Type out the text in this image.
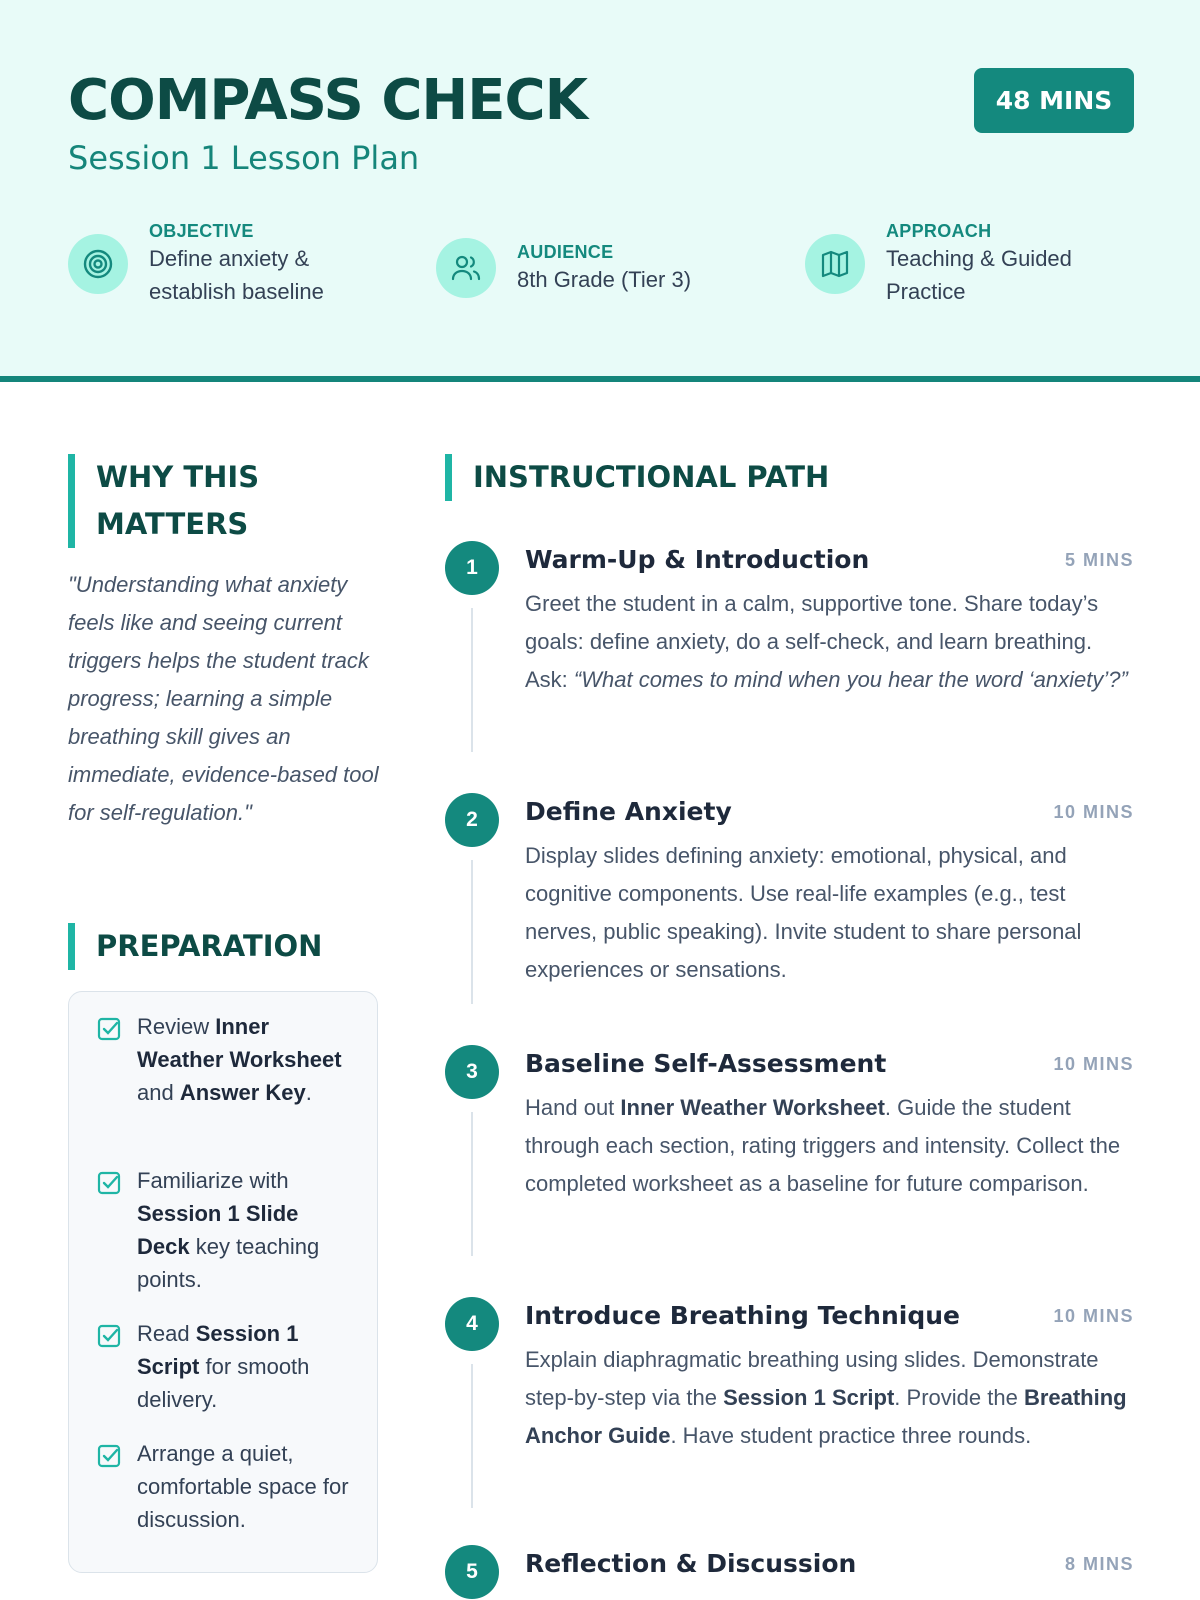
COMPASS CHECK
Session 1 Lesson Plan
48 MINS
OBJECTIVE
Define anxiety &
establish baseline
AUDIENCE
8th Grade (Tier 3)
APPROACH
Teaching & Guided
Practice
WHY THIS
MATTERS
"Understanding what anxiety feels like and seeing current triggers helps the student track progress; learning a simple breathing skill gives an immediate, evidence-based tool for self-regulation."
PREPARATION
Review Inner Weather Worksheet and Answer Key.
Familiarize with Session 1 Slide Deck key teaching points.
Read Session 1 Script for smooth delivery.
Arrange a quiet, comfortable space for discussion.
INSTRUCTIONAL PATH
1	Warm-Up & Introduction	5 MINS
Greet the student in a calm, supportive tone. Share today’s goals: define anxiety, do a self-check, and learn breathing. Ask: “What comes to mind when you hear the word ‘anxiety’?”
2	Define Anxiety	10 MINS
Display slides defining anxiety: emotional, physical, and cognitive components. Use real-life examples (e.g., test nerves, public speaking). Invite student to share personal experiences or sensations.
3	Baseline Self-Assessment	10 MINS
Hand out Inner Weather Worksheet. Guide the student through each section, rating triggers and intensity. Collect the completed worksheet as a baseline for future comparison.
4	Introduce Breathing Technique	10 MINS
Explain diaphragmatic breathing using slides. Demonstrate step-by-step via the Session 1 Script. Provide the Breathing Anchor Guide. Have student practice three rounds.
5	Reflection & Discussion	8 MINS
